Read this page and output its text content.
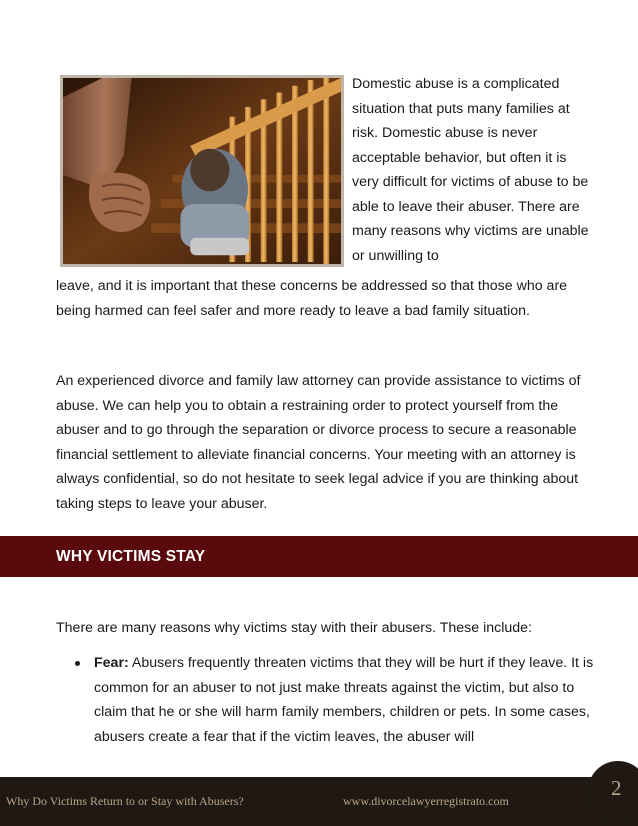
Domestic abuse is a complicated situation that puts many families at risk. Domestic abuse is never acceptable behavior, but often it is very difficult for victims of abuse to be able to leave their abuser. There are many reasons why victims are unable or unwilling to

leave, and it is important that these concerns be addressed so that those who are being harmed can feel safer and more ready to leave a bad family situation.

An experienced divorce and family law attorney can provide assistance to victims of abuse. We can help you to obtain a restraining order to protect yourself from the abuser and to go through the separation or divorce process to secure a reasonable financial settlement to alleviate financial concerns. Your meeting with an attorney is always confidential, so do not hesitate to seek legal advice if you are thinking about taking steps to leave your abuser.

WHY VICTIMS STAY

There are many reasons why victims stay with their abusers. These include:

Fear: Abusers frequently threaten victims that they will be hurt if they leave. It is common for an abuser to not just make threats against the victim, but also to claim that he or she will harm family members, children or pets. In some cases, abusers create a fear that if the victim leaves, the abuser will
Why Do Victims Return to or Stay with Abusers?	www.divorcelawyerregistrato.com
2
